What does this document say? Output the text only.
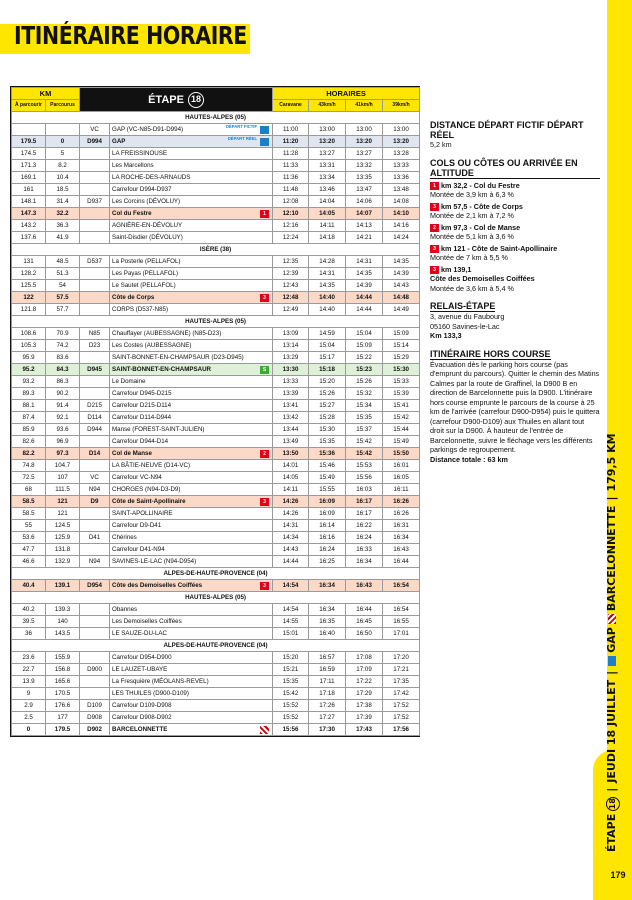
ITINÉRAIRE HORAIRE
KM		ÉTAPE 18		HORAIRES			
À parcourir	Parcourus			Caravane	43km/h	41km/h	39km/h
HAUTES-ALPES (05)							
		VC	GAP (VC-N85-D91-D994) DÉPART FICTIF	11:00	13:00	13:00	13:00
179.5	0	D994	GAP DÉPART RÉEL	11:20	13:20	13:20	13:20
174.5	5		LA FREISSINOUSE	11:28	13:27	13:27	13:28
171.3	8.2		Les Marcellons	11:33	13:31	13:32	13:33
169.1	10.4		LA ROCHE-DES-ARNAUDS	11:36	13:34	13:35	13:36
161	18.5		Carrefour D994-D937	11:48	13:46	13:47	13:48
148.1	31.4	D937	Les Corcins (DÉVOLUY)	12:08	14:04	14:06	14:08
147.3	32.2		Col du Festre 1	12:10	14:05	14:07	14:10
143.2	36.3		AGNIÈRE-EN-DÉVOLUY	12:16	14:11	14:13	14:16
137.6	41.9		Saint-Disdier (DÉVOLUY)	12:24	14:18	14:21	14:24
ISÈRE (38)							
131	48.5	D537	La Posterle (PELLAFOL)	12:35	14:28	14:31	14:35
128.2	51.3		Les Payas (PELLAFOL)	12:39	14:31	14:35	14:39
125.5	54		Le Sautet (PELLAFOL)	12:43	14:35	14:39	14:43
122	57.5		Côte de Corps 3	12:48	14:40	14:44	14:48
121.8	57.7		CORPS (D537-N85)	12:49	14:40	14:44	14:49
HAUTES-ALPES (05)							
108.6	70.9	N85	Chauffayer (AUBESSAGNE) (N85-D23)	13:09	14:59	15:04	15:09
105.3	74.2	D23	Les Costes (AUBESSAGNE)	13:14	15:04	15:09	15:14
95.9	83.6		SAINT-BONNET-EN-CHAMPSAUR (D23-D945)	13:29	15:17	15:22	15:29
95.2	84.3	D945	SAINT-BONNET-EN-CHAMPSAUR S	13:30	15:18	15:23	15:30
93.2	86.3		Le Domaine	13:33	15:20	15:26	15:33
89.3	90.2		Carrefour D945-D215	13:39	15:26	15:32	15:39
88.1	91.4	D215	Carrefour D215-D114	13:41	15:27	15:34	15:41
87.4	92.1	D114	Carrefour D114-D944	13:42	15:28	15:35	15:42
85.9	93.6	D944	Manse (FOREST-SAINT-JULIEN)	13:44	15:30	15:37	15:44
82.6	96.9		Carrefour D944-D14	13:49	15:35	15:42	15:49
82.2	97.3	D14	Col de Manse 2	13:50	15:36	15:42	15:50
74.8	104.7		LA BÂTIE-NEUVE (D14-VC)	14:01	15:46	15:53	16:01
72.5	107	VC	Carrefour VC-N94	14:05	15:49	15:56	16:05
68	111.5	N94	CHORGES (N94-D3-D9)	14:11	15:55	16:03	16:11
58.5	121	D9	Côte de Saint-Apollinaire 3	14:26	16:09	16:17	16:26
58.5	121		SAINT-APOLLINAIRE	14:26	16:09	16:17	16:26
55	124.5		Carrefour D9-D41	14:31	16:14	16:22	16:31
53.6	125.9	D41	Chérines	14:34	16:16	16:24	16:34
47.7	131.8		Carrefour D41-N94	14:43	16:24	16:33	16:43
46.6	132.9	N94	SAVINES-LE-LAC (N94-D954)	14:44	16:25	16:34	16:44
ALPES-DE-HAUTE-PROVENCE (04)							
40.4	139.1	D954	Côte des Demoiselles Coiffées 3	14:54	16:34	16:43	16:54
HAUTES-ALPES (05)							
40.2	139.3		Obannes	14:54	16:34	16:44	16:54
39.5	140		Les Demoiselles Coiffées	14:55	16:35	16:45	16:55
36	143.5		LE SAUZE-DU-LAC	15:01	16:40	16:50	17:01
ALPES-DE-HAUTE-PROVENCE (04)							
23.6	155.9		Carrefour D954-D900	15:20	16:57	17:08	17:20
22.7	156.8	D900	LE LAUZET-UBAYE	15:21	16:59	17:09	17:21
13.9	165.6		La Fresquière (MÉOLANS-REVEL)	15:35	17:11	17:22	17:35
9	170.5		LES THUILES (D900-D109)	15:42	17:18	17:29	17:42
2.9	176.6	D109	Carrefour D109-D908	15:52	17:26	17:38	17:52
2.5	177	D908	Carrefour D908-D902	15:52	17:27	17:39	17:52
0	179.5	D902	BARCELONNETTE	15:56	17:30	17:43	17:56
DISTANCE DÉPART FICTIF DÉPART RÉEL
5,2 km
COLS OU CÔTES OU ARRIVÉE EN ALTITUDE
1 km 32,2 - Col du Festre
Montée de 3,9 km à 6,3 %
3 km 57,5 - Côte de Corps
Montée de 2,1 km à 7,2 %
2 km 97,3 - Col de Manse
Montée de 5,1 km à 3,6 %
3 km 121 - Côte de Saint-Apollinaire
Montée de 7 km à 5,5 %
3 km 139,1
Côte des Demoiselles Coiffées
Montée de 3,6 km à 5,4 %
RELAIS-ÉTAPE
3, avenue du Faubourg
05160 Savines-le-Lac
Km 133,3
ITINÉRAIRE HORS COURSE
Évacuation dès le parking hors course (pas d'emprunt du parcours). Quitter le chemin des Matins Calmes par la route de Graffinel, la D900 B en direction de Barcelonnette puis la D900. L'itinéraire hors course emprunte le parcours de la course à 25 km de l'arrivée (carrefour D900-D954) puis le quittera (carrefour D900-D109) aux Thuiles en allant tout droit sur la D900. À hauteur de l'entrée de Barcelonnette, suivre le fléchage vers les différents parkings de regroupement.
Distance totale : 63 km
ÉTAPE18|JEUDI 18 JUILLET|GAPBARCELONNETTE|179,5 KM
179
